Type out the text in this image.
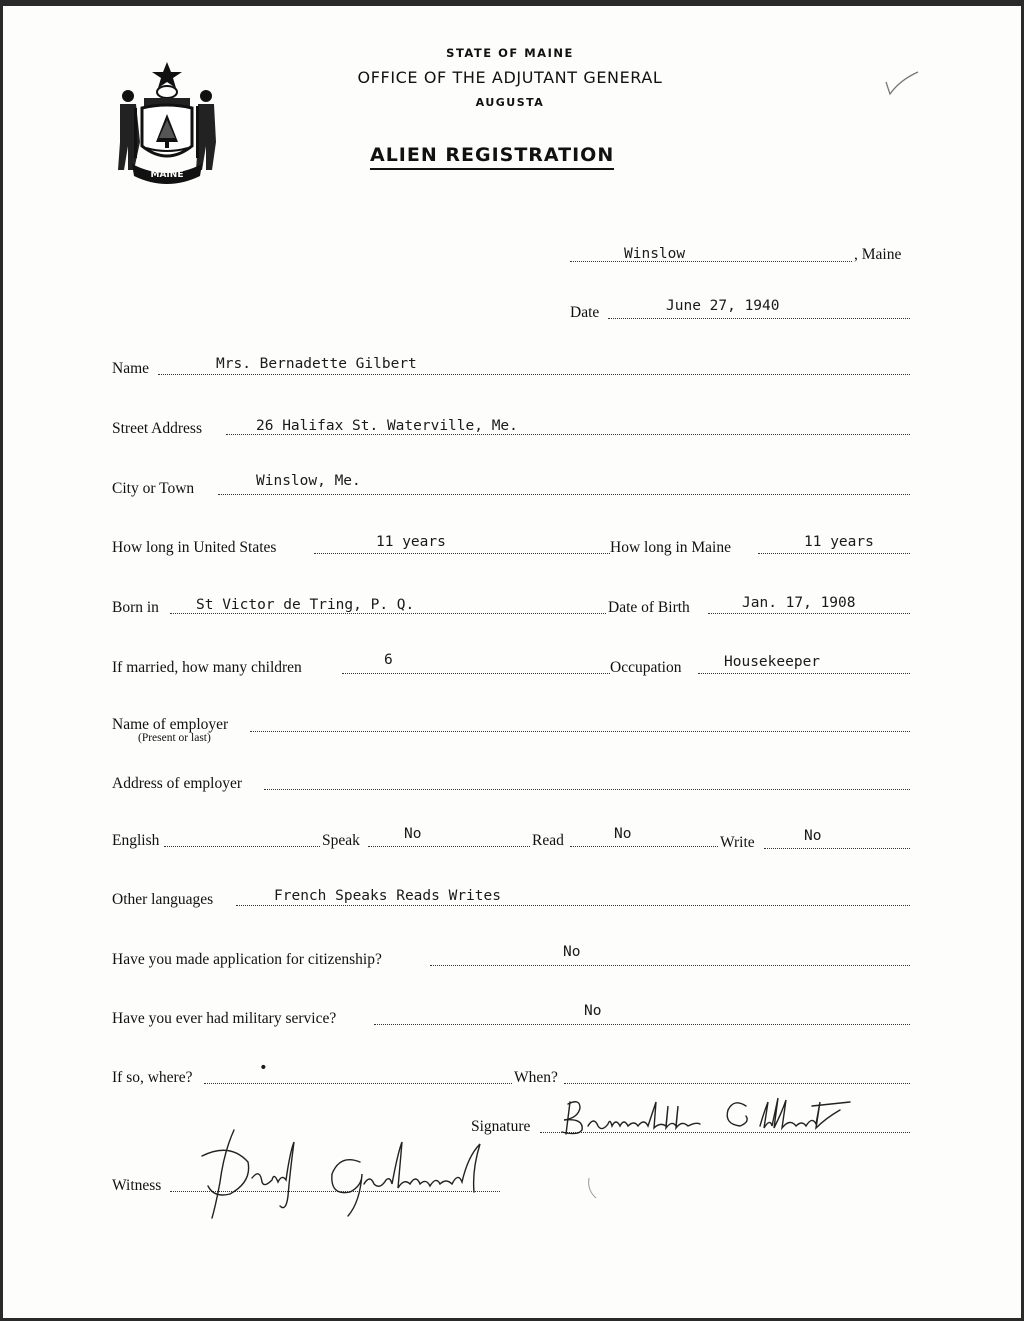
MAINE
STATE OF MAINE
OFFICE OF THE ADJUTANT GENERAL
AUGUSTA
ALIEN REGISTRATION
Winslow	, Maine
Date	June 27, 1940
Name	Mrs. Bernadette Gilbert
Street Address	26 Halifax St. Waterville, Me.
City or Town	Winslow, Me.
How long in United States	11 years	How long in Maine	11 years
Born in	St Victor de Tring, P. Q.	Date of Birth	Jan. 17, 1908
If married, how many children	6	Occupation	Housekeeper
Name of employer
(Present or last)
Address of employer
English	Speak	No	Read	No	Write	No
Other languages	French Speaks Reads Writes
Have you made application for citizenship?	No
Have you ever had military service?	No
If so, where?
•
When?
Signature
Witness
